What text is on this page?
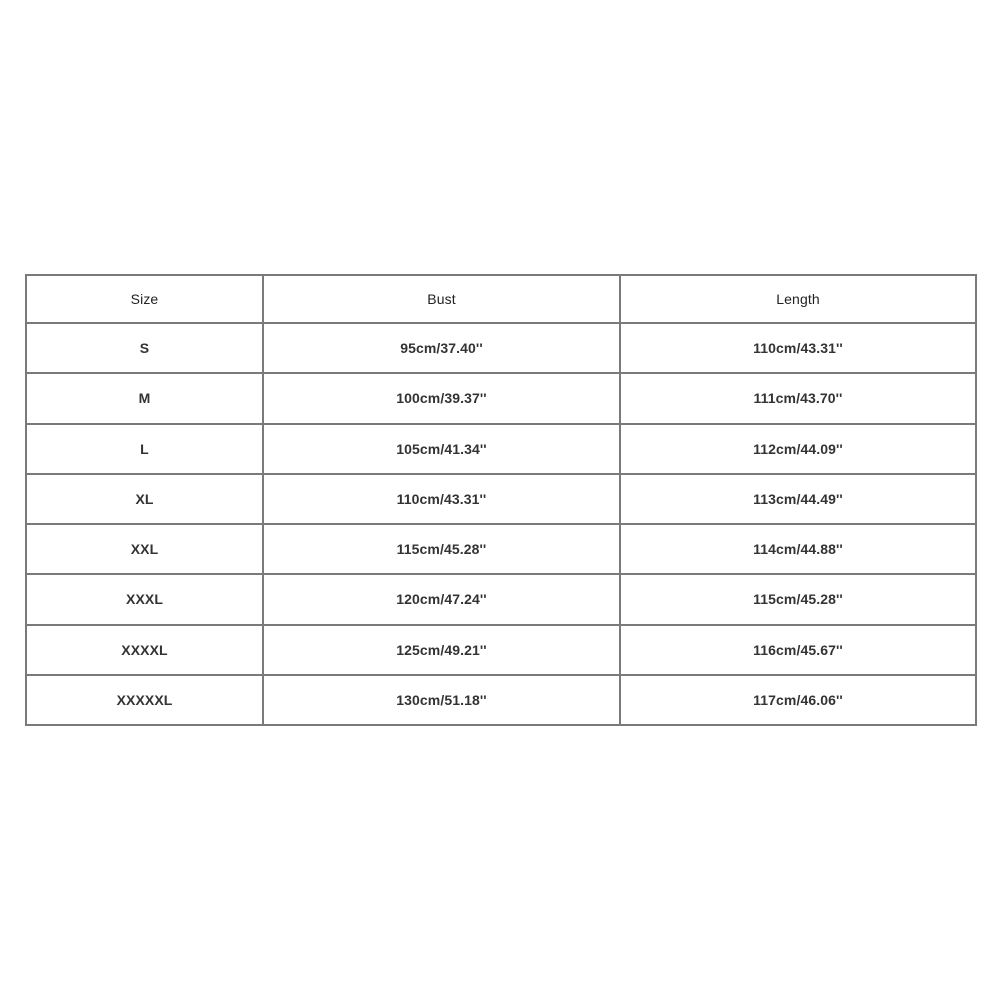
Size	Bust	Length
S	95cm/37.40''	110cm/43.31''
M	100cm/39.37''	111cm/43.70''
L	105cm/41.34''	112cm/44.09''
XL	110cm/43.31''	113cm/44.49''
XXL	115cm/45.28''	114cm/44.88''
XXXL	120cm/47.24''	115cm/45.28''
XXXXL	125cm/49.21''	116cm/45.67''
XXXXXL	130cm/51.18''	117cm/46.06''
